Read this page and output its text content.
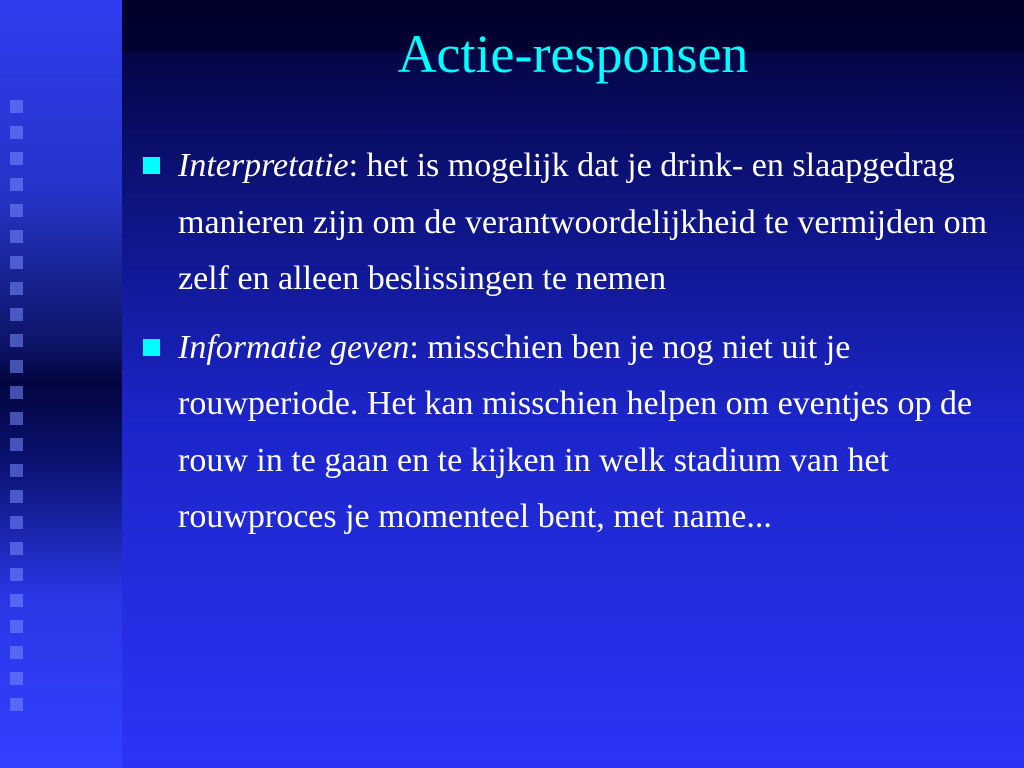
Actie-responsen
Interpretatie: het is mogelijk dat je drink- en slaapgedrag manieren zijn om de verantwoordelijkheid te vermijden om zelf en alleen beslissingen te nemen
Informatie geven: misschien ben je nog niet uit je rouwperiode. Het kan misschien helpen om eventjes op de rouw in te gaan en te kijken in welk stadium van het rouwproces je momenteel bent, met name...
